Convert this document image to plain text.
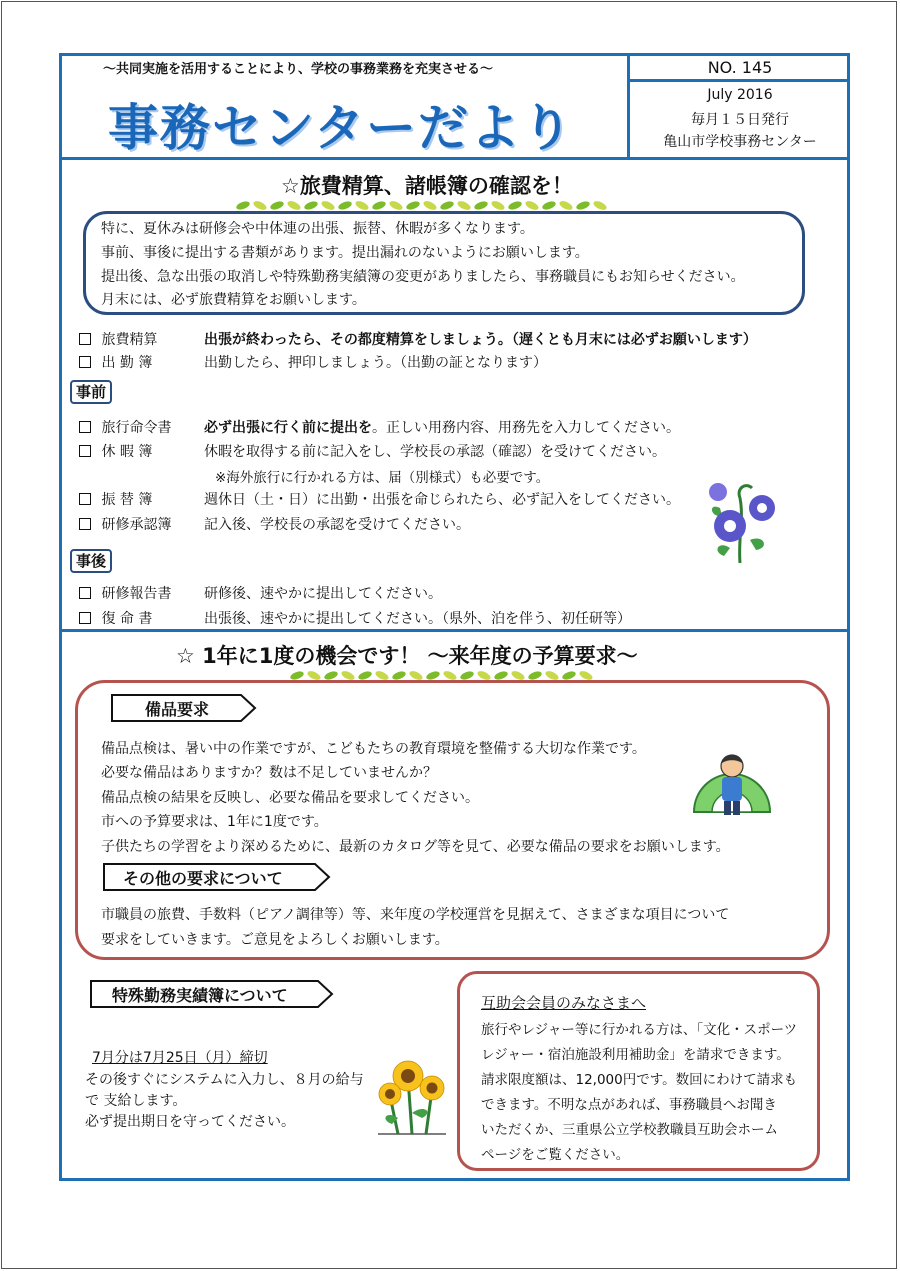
～共同実施を活用することにより、学校の事務業務を充実させる～
事務センターだより
NO. 145
July 2016
毎月１５日発行
亀山市学校事務センター
☆旅費精算、諸帳簿の確認を！
特に、夏休みは研修会や中体連の出張、振替、休暇が多くなります。
事前、事後に提出する書類があります。提出漏れのないようにお願いします。
提出後、急な出張の取消しや特殊勤務実績簿の変更がありましたら、事務職員にもお知らせください。
月末には、必ず旅費精算をお願いします。
旅費精算	出張が終わったら、その都度精算をしましょう。（遅くとも月末には必ずお願いします）
出 勤 簿	出勤したら、押印しましょう。（出勤の証となります）
事前
旅行命令書 必ず出張に行く前に提出を。正しい用務内容、用務先を入力してください。
休 暇 簿	休暇を取得する前に記入をし、学校長の承認（確認）を受けてください。
※海外旅行に行かれる方は、届（別様式）も必要です。
振 替 簿	週休日（土・日）に出勤・出張を命じられたら、必ず記入をしてください。
研修承認簿 記入後、学校長の承認を受けてください。
事後
研修報告書 研修後、速やかに提出してください。
復 命 書	出張後、速やかに提出してください。（県外、泊を伴う、初任研等）
☆ 1年に1度の機会です！ ～来年度の予算要求～
備品要求
備品点検は、暑い中の作業ですが、こどもたちの教育環境を整備する大切な作業です。
必要な備品はありますか？数は不足していませんか？
備品点検の結果を反映し、必要な備品を要求してください。
市への予算要求は、1年に1度です。
子供たちの学習をより深めるために、最新のカタログ等を見て、必要な備品の要求をお願いします。
その他の要求について
市職員の旅費、手数料（ピアノ調律等）等、来年度の学校運営を見据えて、さまざまな項目について
要求をしていきます。ご意見をよろしくお願いします。
特殊勤務実績簿について
7月分は7月25日（月）締切
その後すぐにシステムに入力し、８月の給与
で 支給します。
必ず提出期日を守ってください。
互助会会員のみなさまへ
旅行やレジャー等に行かれる方は、「文化・スポーツ
レジャー・宿泊施設利用補助金」を請求できます。
請求限度額は、12,000円です。数回にわけて請求も
できます。不明な点があれば、事務職員へお聞き
いただくか、三重県公立学校教職員互助会ホーム
ページをご覧ください。
